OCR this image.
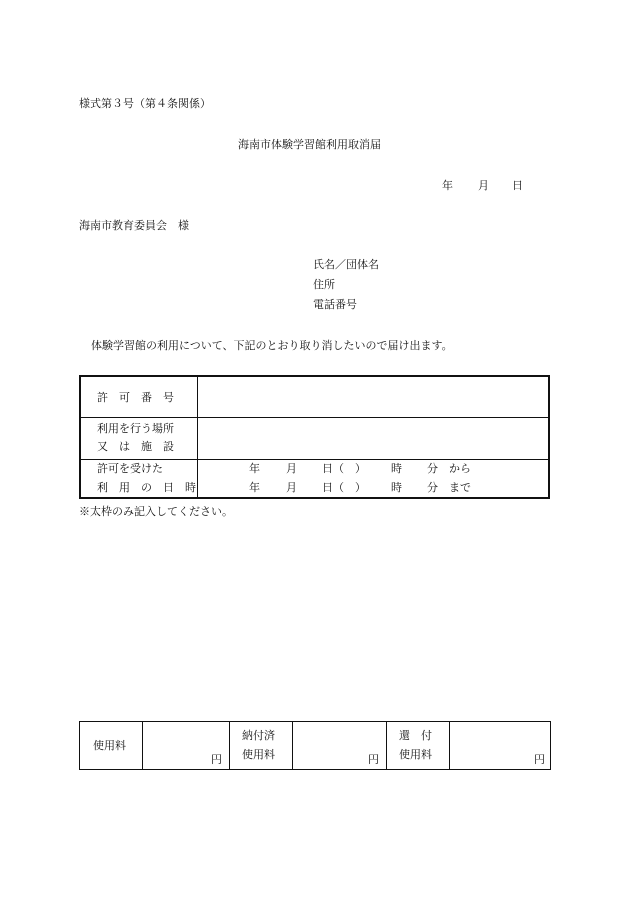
様式第３号（第４条関係）
海南市体験学習館利用取消届
年 月 日
海南市教育委員会　様
氏名／団体名
住所
電話番号
体験学習館の利用について、下記のとおり取り消したいので届け出ます。
許　可　番　号
利用を行う場所
又　は　施　設
許可を受けた
利　用　の　日　時
年 月 日（　） 時 分 から
年 月 日（　） 時 分 まで
※太枠のみ記入してください。
使用料
円
納付済
使用料	円
還　付
使用料	円
